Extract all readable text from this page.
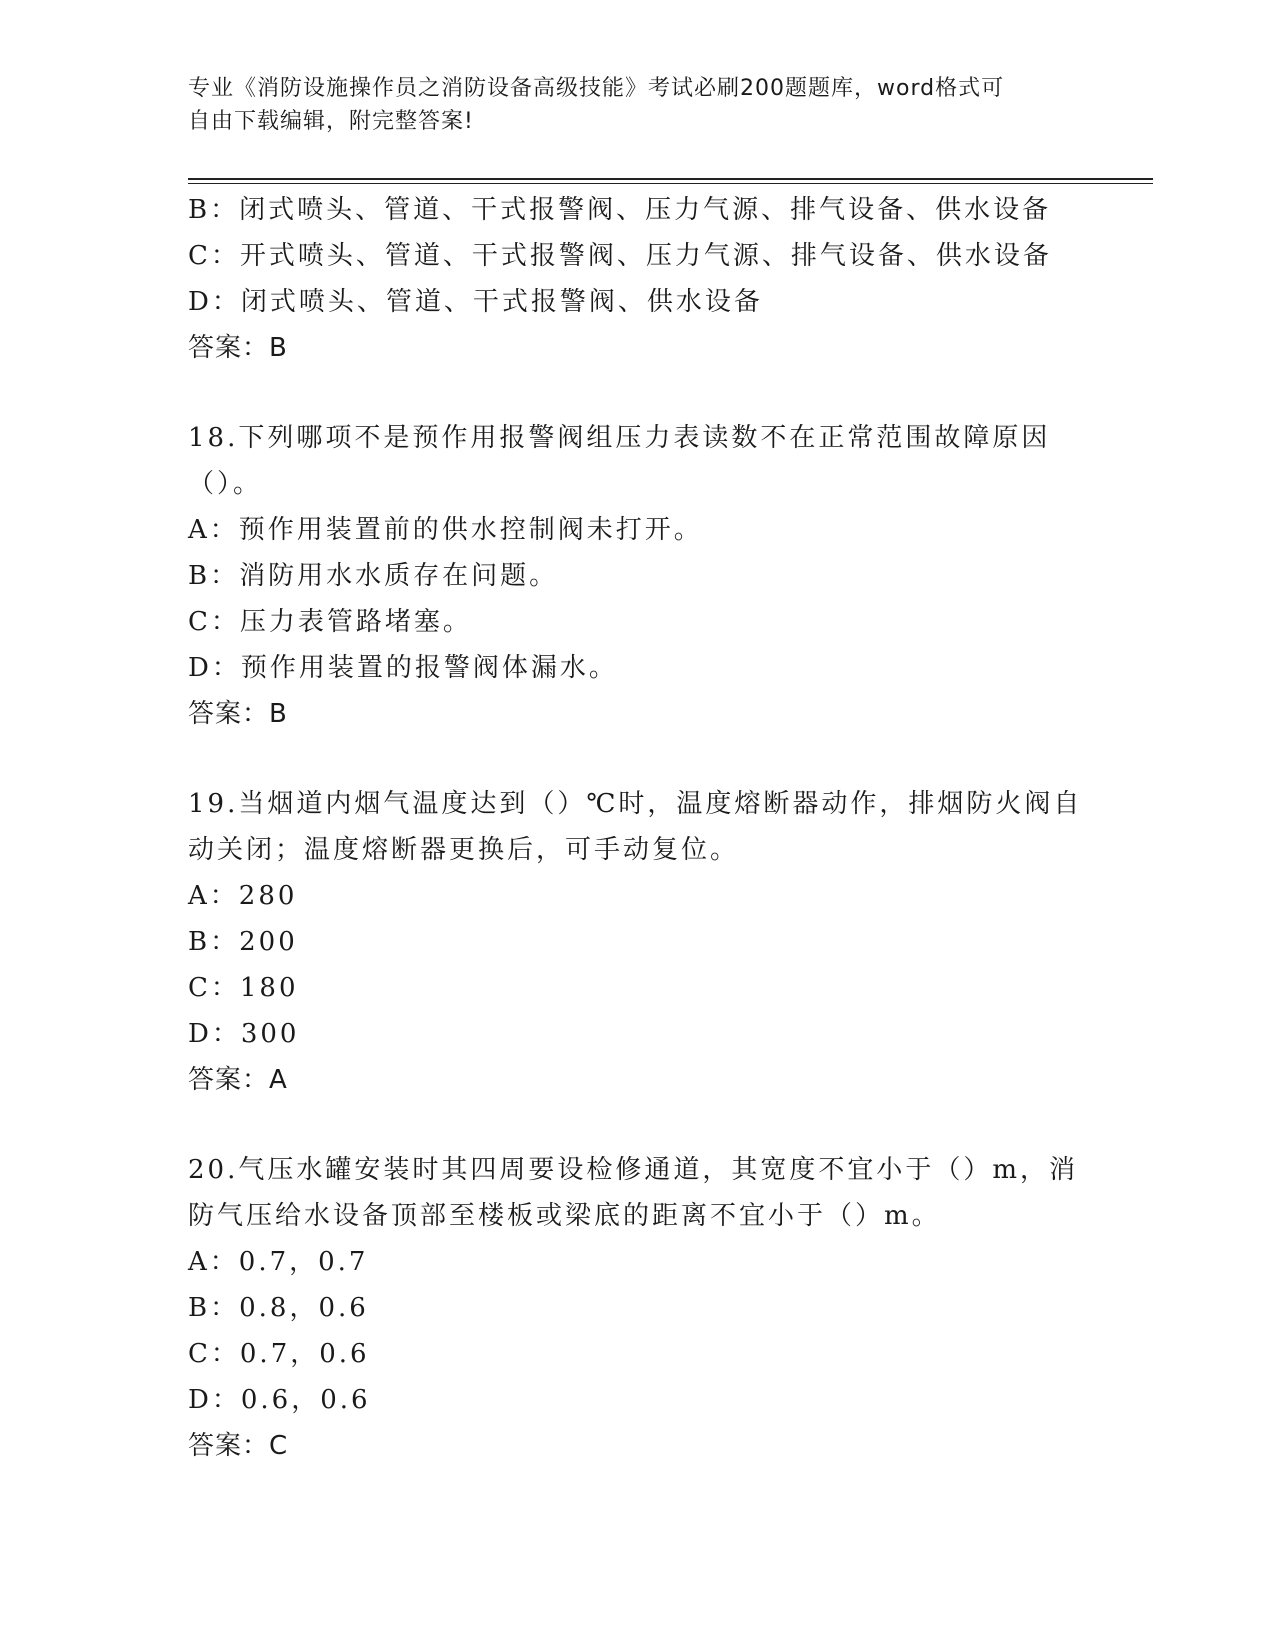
专业《消防设施操作员之消防设备高级技能》考试必刷200题题库，word格式可
自由下载编辑，附完整答案!
B：闭式喷头、管道、干式报警阀、压力气源、排气设备、供水设备
C：开式喷头、管道、干式报警阀、压力气源、排气设备、供水设备
D：闭式喷头、管道、干式报警阀、供水设备
答案：B
18.下列哪项不是预作用报警阀组压力表读数不在正常范围故障原因（）。
A：预作用装置前的供水控制阀未打开。
B：消防用水水质存在问题。
C：压力表管路堵塞。
D：预作用装置的报警阀体漏水。
答案：B
19.当烟道内烟气温度达到（）℃时，温度熔断器动作，排烟防火阀自动关闭；温度熔断器更换后，可手动复位。
A：280
B：200
C：180
D：300
答案：A
20.气压水罐安装时其四周要设检修通道，其宽度不宜小于（）m，消防气压给水设备顶部至楼板或梁底的距离不宜小于（）m。
A：0.7，0.7
B：0.8，0.6
C：0.7，0.6
D：0.6，0.6
答案：C
